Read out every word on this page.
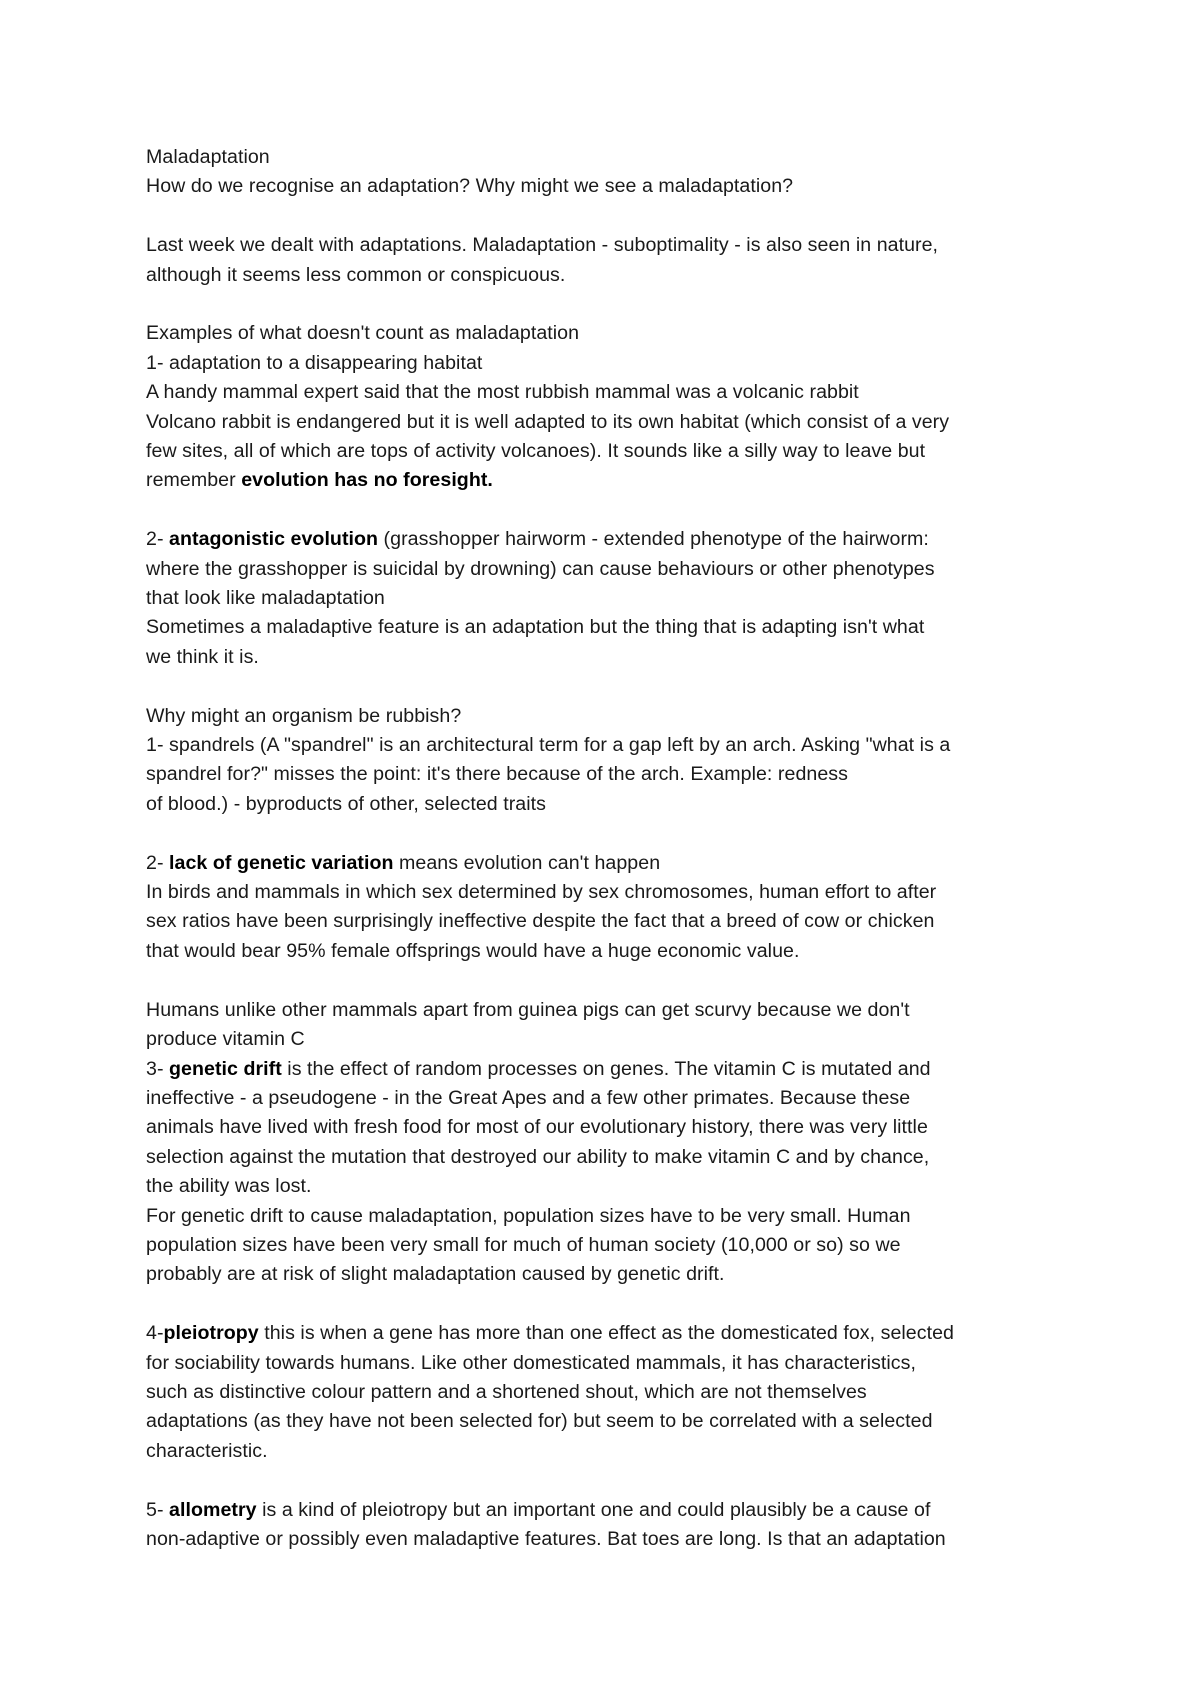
Maladaptation
How do we recognise an adaptation? Why might we see a maladaptation?
Last week we dealt with adaptations. Maladaptation - suboptimality - is also seen in nature,
although it seems less common or conspicuous.
Examples of what doesn't count as maladaptation
1- adaptation to a disappearing habitat
A handy mammal expert said that the most rubbish mammal was a volcanic rabbit
Volcano rabbit is endangered but it is well adapted to its own habitat (which consist of a very
few sites, all of which are tops of activity volcanoes). It sounds like a silly way to leave but
remember evolution has no foresight.
2- antagonistic evolution (grasshopper hairworm - extended phenotype of the hairworm:
where the grasshopper is suicidal by drowning) can cause behaviours or other phenotypes
that look like maladaptation
Sometimes a maladaptive feature is an adaptation but the thing that is adapting isn't what
we think it is.
Why might an organism be rubbish?
1- spandrels (A "spandrel" is an architectural term for a gap left by an arch. Asking "what is a
spandrel for?" misses the point: it's there because of the arch. Example: redness
of blood.) - byproducts of other, selected traits
2- lack of genetic variation means evolution can't happen
In birds and mammals in which sex determined by sex chromosomes, human effort to after
sex ratios have been surprisingly ineffective despite the fact that a breed of cow or chicken
that would bear 95% female offsprings would have a huge economic value.
Humans unlike other mammals apart from guinea pigs can get scurvy because we don't
produce vitamin C
3- genetic drift is the effect of random processes on genes. The vitamin C is mutated and
ineffective - a pseudogene - in the Great Apes and a few other primates. Because these
animals have lived with fresh food for most of our evolutionary history, there was very little
selection against the mutation that destroyed our ability to make vitamin C and by chance,
the ability was lost.
For genetic drift to cause maladaptation, population sizes have to be very small. Human
population sizes have been very small for much of human society (10,000 or so) so we
probably are at risk of slight maladaptation caused by genetic drift.
4-pleiotropy this is when a gene has more than one effect as the domesticated fox, selected
for sociability towards humans. Like other domesticated mammals, it has characteristics,
such as distinctive colour pattern and a shortened shout, which are not themselves
adaptations (as they have not been selected for) but seem to be correlated with a selected
characteristic.
5- allometry is a kind of pleiotropy but an important one and could plausibly be a cause of
non-adaptive or possibly even maladaptive features. Bat toes are long. Is that an adaptation
